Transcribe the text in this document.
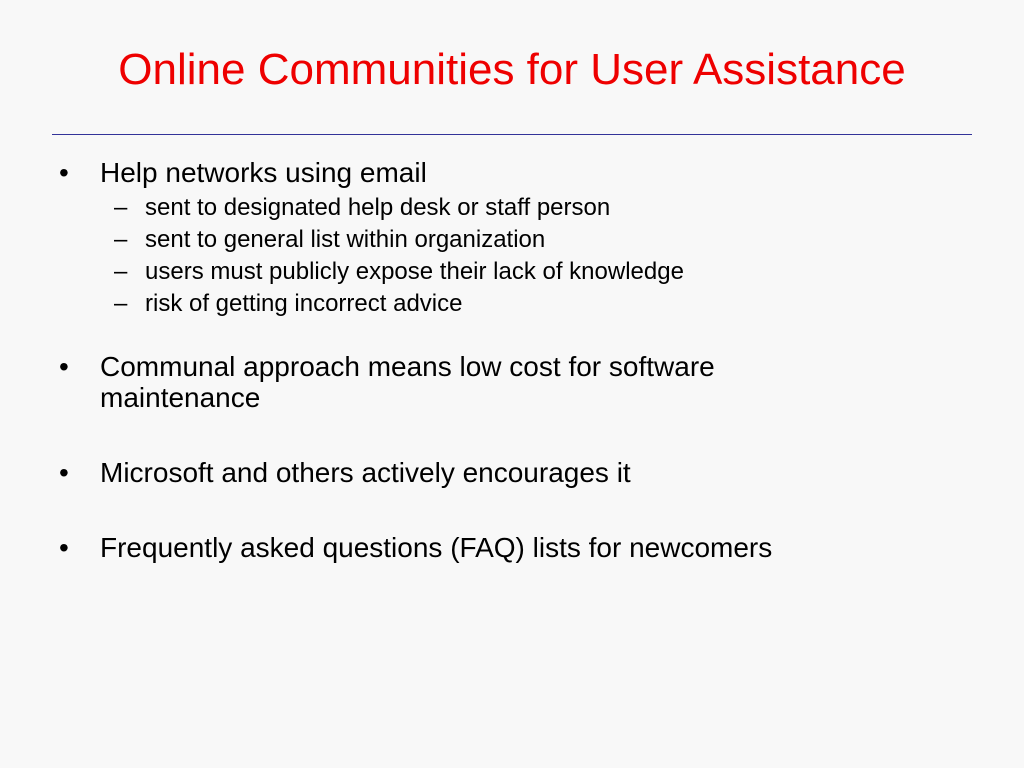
Online Communities for User Assistance
•	Help networks using email
– sent to designated help desk or staff person
– sent to general list within organization
– users must publicly expose their lack of knowledge
– risk of getting incorrect advice
•	Communal approach means low cost for software maintenance
•	Microsoft and others actively encourages it
•	Frequently asked questions (FAQ) lists for newcomers
